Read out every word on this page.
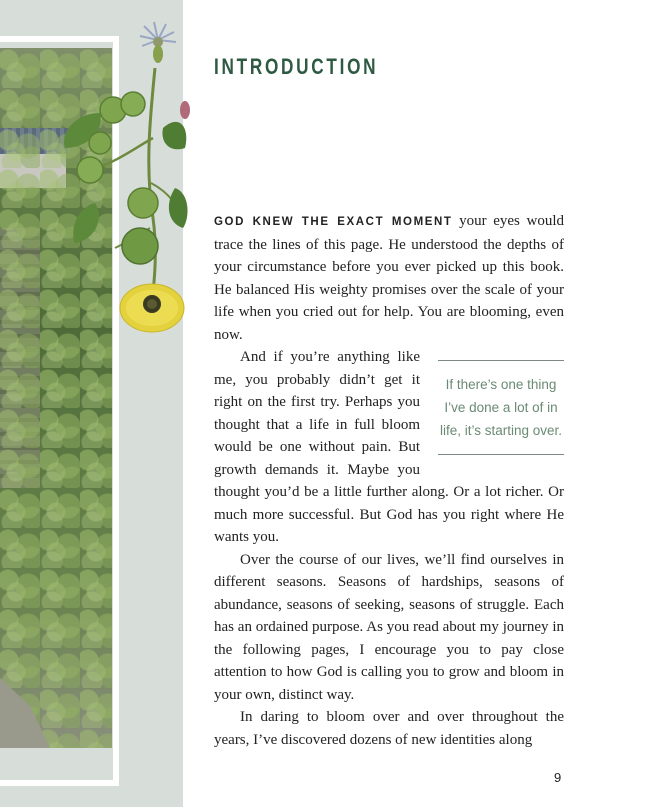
INTRODUCTION

GOD KNEW THE EXACT MOMENT your eyes would trace the lines of this page. He understood the depths of your circumstance before you ever picked up this book. He balanced His weighty promises over the scale of your life when you cried out for help. You are blooming, even now.

If there’s one thing I’ve done a lot of in life, it’s starting over.

And if you’re anything like me, you probably didn’t get it right on the first try. Perhaps you thought that a life in full bloom would be one without pain. But growth demands it. Maybe you thought you’d be a little further along. Or a lot richer. Or much more successful. But God has you right where He wants you.

Over the course of our lives, we’ll find ourselves in different seasons. Seasons of hardships, seasons of abundance, seasons of seeking, seasons of struggle. Each has an ordained purpose. As you read about my journey in the following pages, I encourage you to pay close attention to how God is calling you to grow and bloom in your own, distinct way.

In daring to bloom over and over throughout the years, I’ve discovered dozens of new identities along

9
